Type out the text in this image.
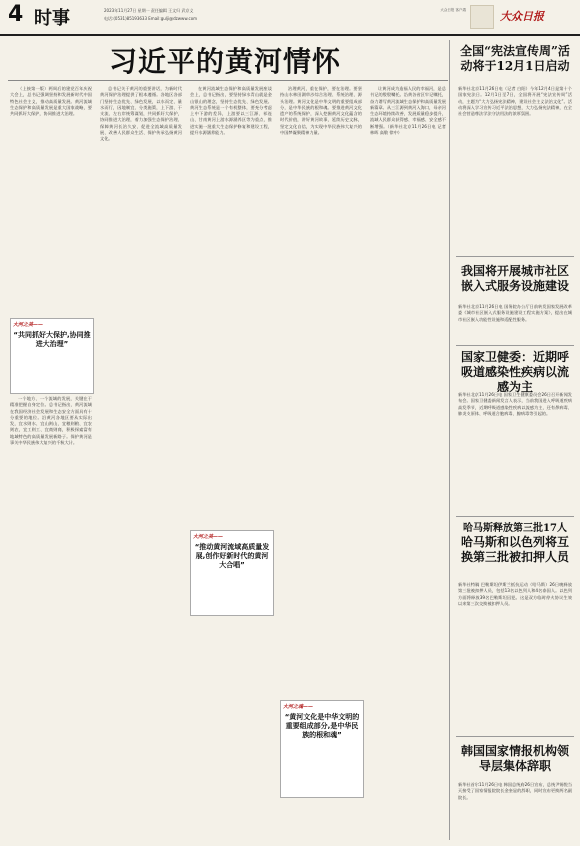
4 时事	2023年11月27日 星期一 责任编辑 王文归 武京义
电话:(0531)85193633 Email:gulji@dzwww.com
大众日报 客户端	大众日报
习近平的黄河情怀

（上接第一版）两周后的建党百年庆祝大会上，总书记强调坚持和发展新时代中国特色社会主义，推动高质量发展。黄河流域生态保护和高质量发展是重大国家战略，要共同抓好大保护，协同推进大治理。

大河之美——
“共同抓好大保护,协同推进大治理”

一个地方、一个流域的发展，关键在于精准把握自身定位。总书记指出，黄河流域在我国经济社会发展和生态安全方面具有十分重要的地位。沿黄河各地区要从实际出发，宜水则水、宜山则山，宜粮则粮、宜农则农，宜工则工、宜商则商，积极探索富有地域特色的高质量发展新路子。保护黄河是事关中华民族伟大复兴的千秋大计。

总书记关于黄河的重要讲话，为新时代黄河保护治理提供了根本遵循。各地区各部门坚持生态优先、绿色发展，以水而定、量水而行，因地制宜、分类施策，上下游、干支流、左右岸统筹谋划，共同抓好大保护，协同推进大治理，着力加强生态保护治理、保障黄河长治久安、促进全流域高质量发展、改善人民群众生活、保护传承弘扬黄河文化。

在黄河流域生态保护和高质量发展座谈会上，总书记指出，要坚持绿水青山就是金山银山的理念，坚持生态优先、绿色发展。黄河生态系统是一个有机整体，要充分考虑上中下游的差异，上游要以三江源、祁连山、甘南黄河上游水源涵养区等为重点，推进实施一批重大生态保护修复和建设工程，提升水源涵养能力。

大河之美——
“推动黄河流域高质量发展,创作好新时代的黄河大合唱”

治理黄河，重在保护，要在治理。要坚持山水林田湖草沙综合治理、系统治理、源头治理。黄河文化是中华文明的重要组成部分，是中华民族的根和魂。要推进黄河文化遗产的系统保护，深入挖掘黄河文化蕴含的时代价值，讲好黄河故事，延续历史文脉，坚定文化自信，为实现中华民族伟大复兴的中国梦凝聚精神力量。

大河之魂——
“黄河文化是中华文明的重要组成部分,是中华民族的根和魂”

让黄河成为造福人民的幸福河，是总书记的殷殷嘱托。沿黄各省区牢记嘱托，奋力谱写黄河流域生态保护和高质量发展新篇章。从三江源到黄河入海口，母亲河生态环境持续改善，发展质量稳步提升，流域人民群众获得感、幸福感、安全感不断增强。（新华社北京11月26日电 记者 林晖 高敬 徐中）

全国“宪法宣传周”活动将于12月1日启动
新华社北京11月26日电（记者 白阳）今年12月4日是第十个国家宪法日。12月1日至7日，全国将开展“宪法宣传周”活动，主题为“大力弘扬宪法精神，建设社会主义法治文化”。活动将深入学习宣传习近平法治思想，大力弘扬宪法精神，在全社会营造尊法学法守法用法的浓厚氛围。
我国将开展城市社区嵌入式服务设施建设
新华社北京11月26日电 国务院办公厅日前转发国家发展改革委《城市社区嵌入式服务设施建设工程实施方案》，提出在城市社区嵌入功能性设施和适配性服务。
国家卫健委：近期呼吸道感染性疾病以流感为主
新华社北京11月26日电 国家卫生健康委员会26日召开新闻发布会。国家卫健委新闻发言人表示，当前我国进入呼吸道疾病高发季节，近期呼吸道感染性疾病以流感为主，还有鼻病毒、肺炎支原体、呼吸道合胞病毒、腺病毒等引起的。
哈马斯释放第三批17人
哈马斯和以色列将互换第三批被扣押人员
新华社特稿 巴勒斯坦伊斯兰抵抗运动（哈马斯）26日晚释放第三批被扣押人员，包括13名以色列人和4名泰国人。以色列方面将释放39名巴勒斯坦囚犯。这是双方临时停火协议生效以来第三次交换被扣押人员。
韩国国家情报机构领导层集体辞职
新华社首尔11月26日电 韩国总统府26日宣布，总统尹锡悦当天接受了国家情报院院长金奎显的辞职，同时宣布更换两名副院长。
